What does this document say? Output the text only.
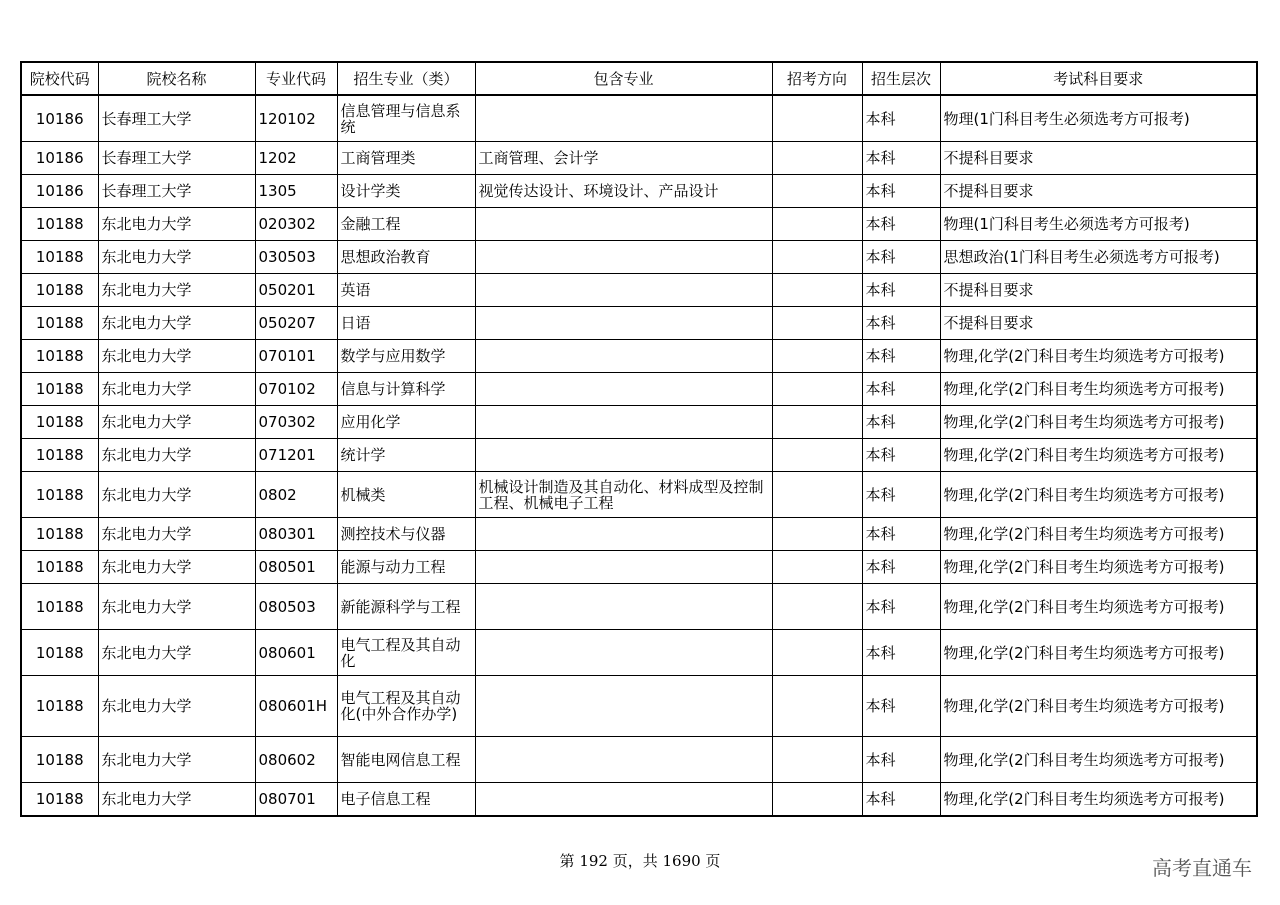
院校代码	院校名称	专业代码	招生专业（类）	包含专业	招考方向	招生层次	考试科目要求
10186	长春理工大学	120102	信息管理与信息系统			本科	物理(1门科目考生必须选考方可报考)
10186	长春理工大学	1202	工商管理类	工商管理、会计学		本科	不提科目要求
10186	长春理工大学	1305	设计学类	视觉传达设计、环境设计、产品设计		本科	不提科目要求
10188	东北电力大学	020302	金融工程			本科	物理(1门科目考生必须选考方可报考)
10188	东北电力大学	030503	思想政治教育			本科	思想政治(1门科目考生必须选考方可报考)
10188	东北电力大学	050201	英语			本科	不提科目要求
10188	东北电力大学	050207	日语			本科	不提科目要求
10188	东北电力大学	070101	数学与应用数学			本科	物理,化学(2门科目考生均须选考方可报考)
10188	东北电力大学	070102	信息与计算科学			本科	物理,化学(2门科目考生均须选考方可报考)
10188	东北电力大学	070302	应用化学			本科	物理,化学(2门科目考生均须选考方可报考)
10188	东北电力大学	071201	统计学			本科	物理,化学(2门科目考生均须选考方可报考)
10188	东北电力大学	0802	机械类	机械设计制造及其自动化、材料成型及控制工程、机械电子工程		本科	物理,化学(2门科目考生均须选考方可报考)
10188	东北电力大学	080301	测控技术与仪器			本科	物理,化学(2门科目考生均须选考方可报考)
10188	东北电力大学	080501	能源与动力工程			本科	物理,化学(2门科目考生均须选考方可报考)
10188	东北电力大学	080503	新能源科学与工程			本科	物理,化学(2门科目考生均须选考方可报考)
10188	东北电力大学	080601	电气工程及其自动化			本科	物理,化学(2门科目考生均须选考方可报考)
10188	东北电力大学	080601H	电气工程及其自动化(中外合作办学)			本科	物理,化学(2门科目考生均须选考方可报考)
10188	东北电力大学	080602	智能电网信息工程			本科	物理,化学(2门科目考生均须选考方可报考)
10188	东北电力大学	080701	电子信息工程			本科	物理,化学(2门科目考生均须选考方可报考)
第 192 页，共 1690 页	高考直通车
